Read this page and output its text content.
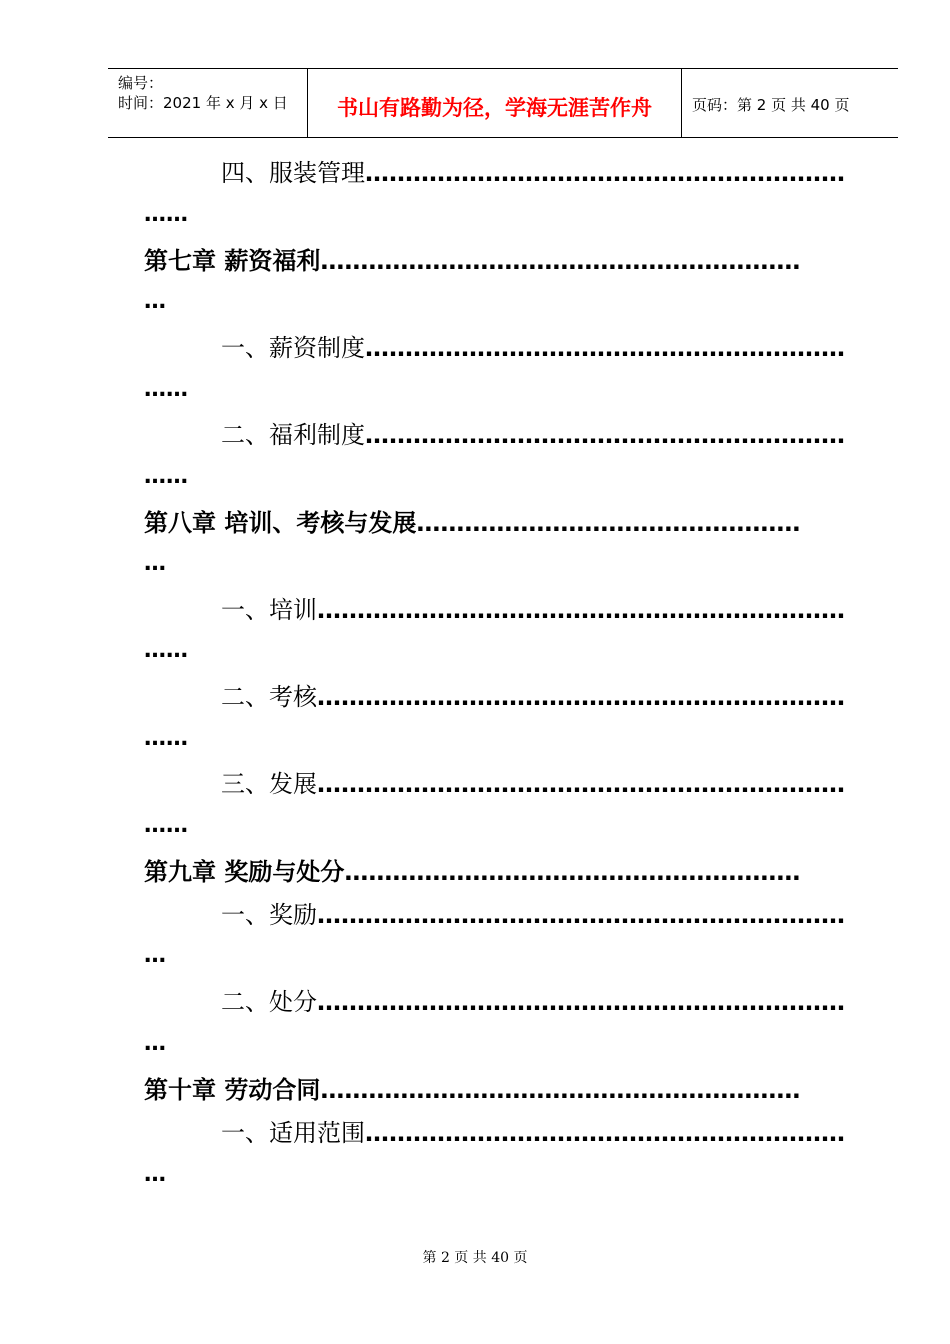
编号：
时间：2021 年 x 月 x 日	书山有路勤为径，学海无涯苦作舟	页码：第 2 页 共 40 页
四、服装管理……………………………………………………
……
第七章 薪资福利……………………………………………………
…
一、薪资制度……………………………………………………
……
二、福利制度……………………………………………………
……
第八章 培训、考核与发展…………………………………………
…
一、培训…………………………………………………………
……
二、考核…………………………………………………………
……
三、发展…………………………………………………………
……
第九章 奖励与处分…………………………………………………
一、奖励…………………………………………………………
…
二、处分…………………………………………………………
…
第十章 劳动合同……………………………………………………
一、适用范围……………………………………………………
…
第 2 页 共 40 页
